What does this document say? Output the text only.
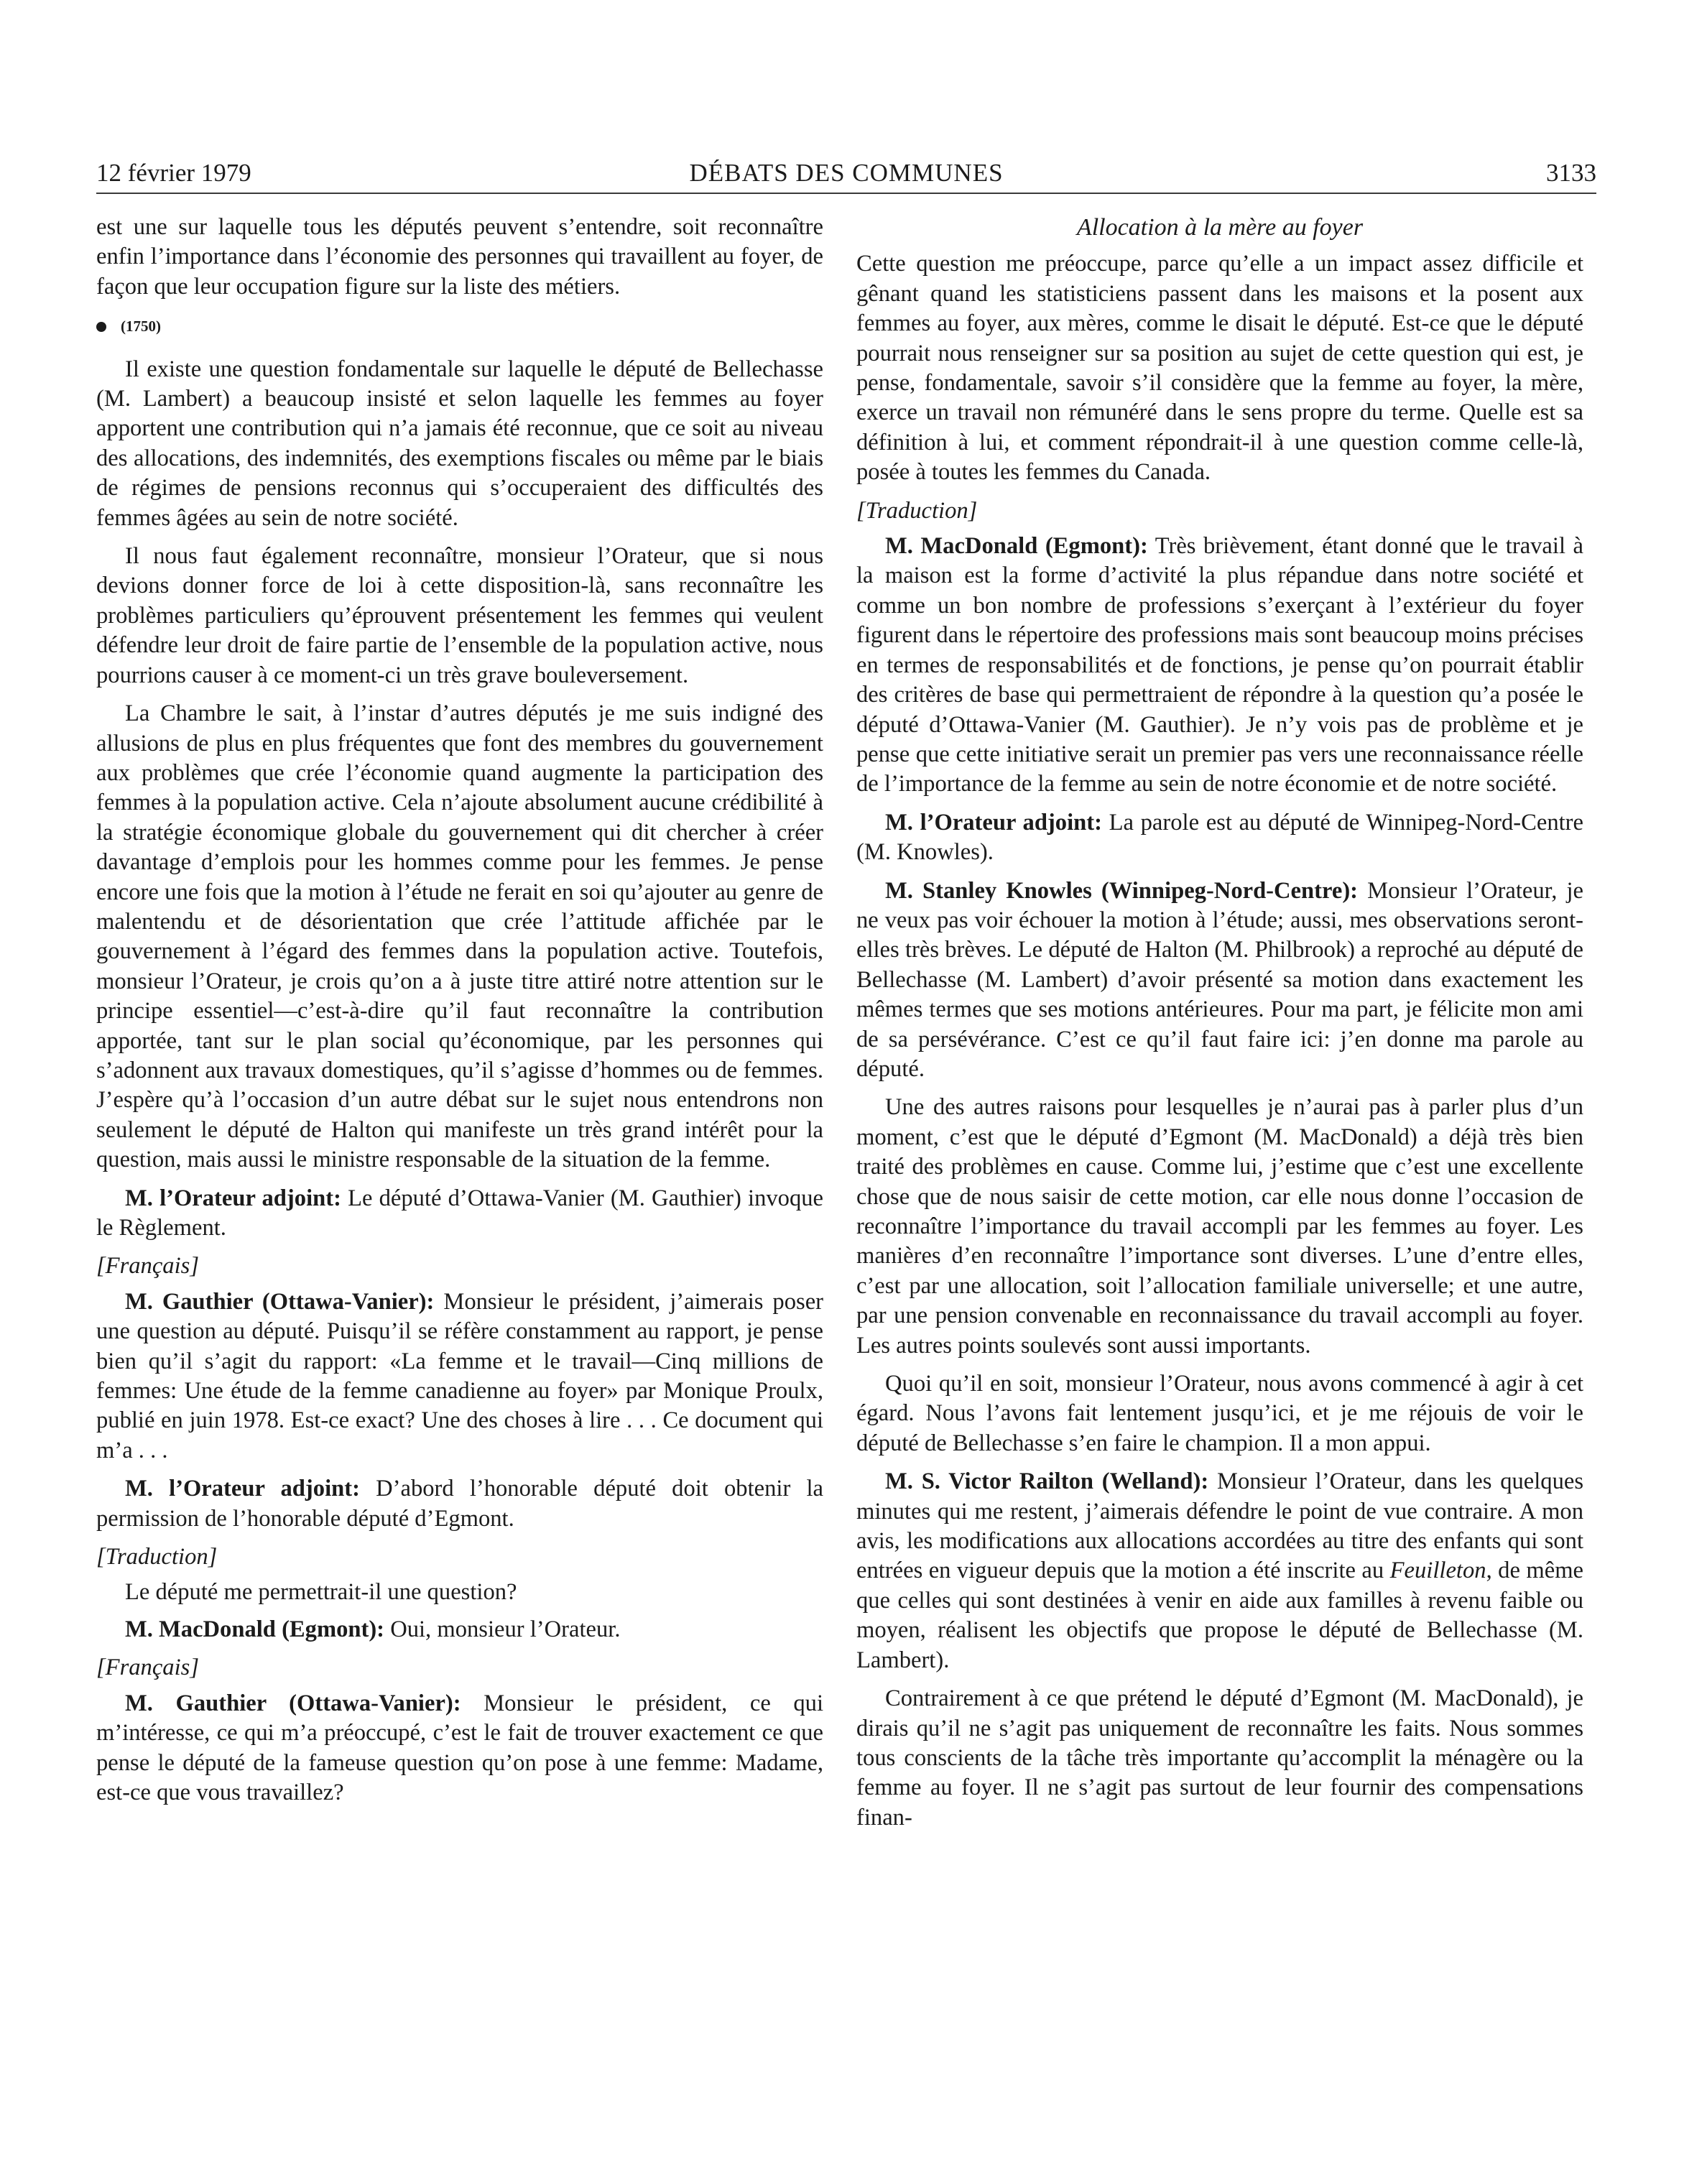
12 février 1979	DÉBATS DES COMMUNES	3133

est une sur laquelle tous les députés peuvent s’entendre, soit reconnaître enfin l’importance dans l’économie des personnes qui travaillent au foyer, de façon que leur occupation figure sur la liste des métiers.

(1750)

Il existe une question fondamentale sur laquelle le député de Bellechasse (M. Lambert) a beaucoup insisté et selon laquelle les femmes au foyer apportent une contribution qui n’a jamais été reconnue, que ce soit au niveau des allocations, des indemnités, des exemptions fiscales ou même par le biais de régimes de pensions reconnus qui s’occuperaient des difficultés des femmes âgées au sein de notre société.

Il nous faut également reconnaître, monsieur l’Orateur, que si nous devions donner force de loi à cette disposition-là, sans reconnaître les problèmes particuliers qu’éprouvent présentement les femmes qui veulent défendre leur droit de faire partie de l’ensemble de la population active, nous pourrions causer à ce moment-ci un très grave bouleversement.

La Chambre le sait, à l’instar d’autres députés je me suis indigné des allusions de plus en plus fréquentes que font des membres du gouvernement aux problèmes que crée l’économie quand augmente la participation des femmes à la population active. Cela n’ajoute absolument aucune crédibilité à la stratégie économique globale du gouvernement qui dit chercher à créer davantage d’emplois pour les hommes comme pour les femmes. Je pense encore une fois que la motion à l’étude ne ferait en soi qu’ajouter au genre de malentendu et de désorientation que crée l’attitude affichée par le gouvernement à l’égard des femmes dans la population active. Toutefois, monsieur l’Orateur, je crois qu’on a à juste titre attiré notre attention sur le principe essentiel—c’est-à-dire qu’il faut reconnaître la contribution apportée, tant sur le plan social qu’économique, par les personnes qui s’adonnent aux travaux domestiques, qu’il s’agisse d’hommes ou de femmes. J’espère qu’à l’occasion d’un autre débat sur le sujet nous entendrons non seulement le député de Halton qui manifeste un très grand intérêt pour la question, mais aussi le ministre responsable de la situation de la femme.

M. l’Orateur adjoint: Le député d’Ottawa-Vanier (M. Gauthier) invoque le Règlement.

[Français]

M. Gauthier (Ottawa-Vanier): Monsieur le président, j’aimerais poser une question au député. Puisqu’il se réfère constamment au rapport, je pense bien qu’il s’agit du rapport: «La femme et le travail—Cinq millions de femmes: Une étude de la femme canadienne au foyer» par Monique Proulx, publié en juin 1978. Est-ce exact? Une des choses à lire . . . Ce document qui m’a . . .

M. l’Orateur adjoint: D’abord l’honorable député doit obtenir la permission de l’honorable député d’Egmont.

[Traduction]

Le député me permettrait-il une question?

M. MacDonald (Egmont): Oui, monsieur l’Orateur.

[Français]

M. Gauthier (Ottawa-Vanier): Monsieur le président, ce qui m’intéresse, ce qui m’a préoccupé, c’est le fait de trouver exactement ce que pense le député de la fameuse question qu’on pose à une femme: Madame, est-ce que vous travaillez?

Allocation à la mère au foyer

Cette question me préoccupe, parce qu’elle a un impact assez difficile et gênant quand les statisticiens passent dans les maisons et la posent aux femmes au foyer, aux mères, comme le disait le député. Est-ce que le député pourrait nous renseigner sur sa position au sujet de cette question qui est, je pense, fondamentale, savoir s’il considère que la femme au foyer, la mère, exerce un travail non rémunéré dans le sens propre du terme. Quelle est sa définition à lui, et comment répondrait-il à une question comme celle-là, posée à toutes les femmes du Canada.

[Traduction]

M. MacDonald (Egmont): Très brièvement, étant donné que le travail à la maison est la forme d’activité la plus répandue dans notre société et comme un bon nombre de professions s’exerçant à l’extérieur du foyer figurent dans le répertoire des professions mais sont beaucoup moins précises en termes de responsabilités et de fonctions, je pense qu’on pourrait établir des critères de base qui permettraient de répondre à la question qu’a posée le député d’Ottawa-Vanier (M. Gauthier). Je n’y vois pas de problème et je pense que cette initiative serait un premier pas vers une reconnaissance réelle de l’importance de la femme au sein de notre économie et de notre société.

M. l’Orateur adjoint: La parole est au député de Winnipeg-Nord-Centre (M. Knowles).

M. Stanley Knowles (Winnipeg-Nord-Centre): Monsieur l’Orateur, je ne veux pas voir échouer la motion à l’étude; aussi, mes observations seront-elles très brèves. Le député de Halton (M. Philbrook) a reproché au député de Bellechasse (M. Lambert) d’avoir présenté sa motion dans exactement les mêmes termes que ses motions antérieures. Pour ma part, je félicite mon ami de sa persévérance. C’est ce qu’il faut faire ici: j’en donne ma parole au député.

Une des autres raisons pour lesquelles je n’aurai pas à parler plus d’un moment, c’est que le député d’Egmont (M. MacDonald) a déjà très bien traité des problèmes en cause. Comme lui, j’estime que c’est une excellente chose que de nous saisir de cette motion, car elle nous donne l’occasion de reconnaître l’importance du travail accompli par les femmes au foyer. Les manières d’en reconnaître l’importance sont diverses. L’une d’entre elles, c’est par une allocation, soit l’allocation familiale universelle; et une autre, par une pension convenable en reconnaissance du travail accompli au foyer. Les autres points soulevés sont aussi importants.

Quoi qu’il en soit, monsieur l’Orateur, nous avons commencé à agir à cet égard. Nous l’avons fait lentement jusqu’ici, et je me réjouis de voir le député de Bellechasse s’en faire le champion. Il a mon appui.

M. S. Victor Railton (Welland): Monsieur l’Orateur, dans les quelques minutes qui me restent, j’aimerais défendre le point de vue contraire. A mon avis, les modifications aux allocations accordées au titre des enfants qui sont entrées en vigueur depuis que la motion a été inscrite au Feuilleton, de même que celles qui sont destinées à venir en aide aux familles à revenu faible ou moyen, réalisent les objectifs que propose le député de Bellechasse (M. Lambert).

Contrairement à ce que prétend le député d’Egmont (M. MacDonald), je dirais qu’il ne s’agit pas uniquement de reconnaître les faits. Nous sommes tous conscients de la tâche très importante qu’accomplit la ménagère ou la femme au foyer. Il ne s’agit pas surtout de leur fournir des compensations finan-
